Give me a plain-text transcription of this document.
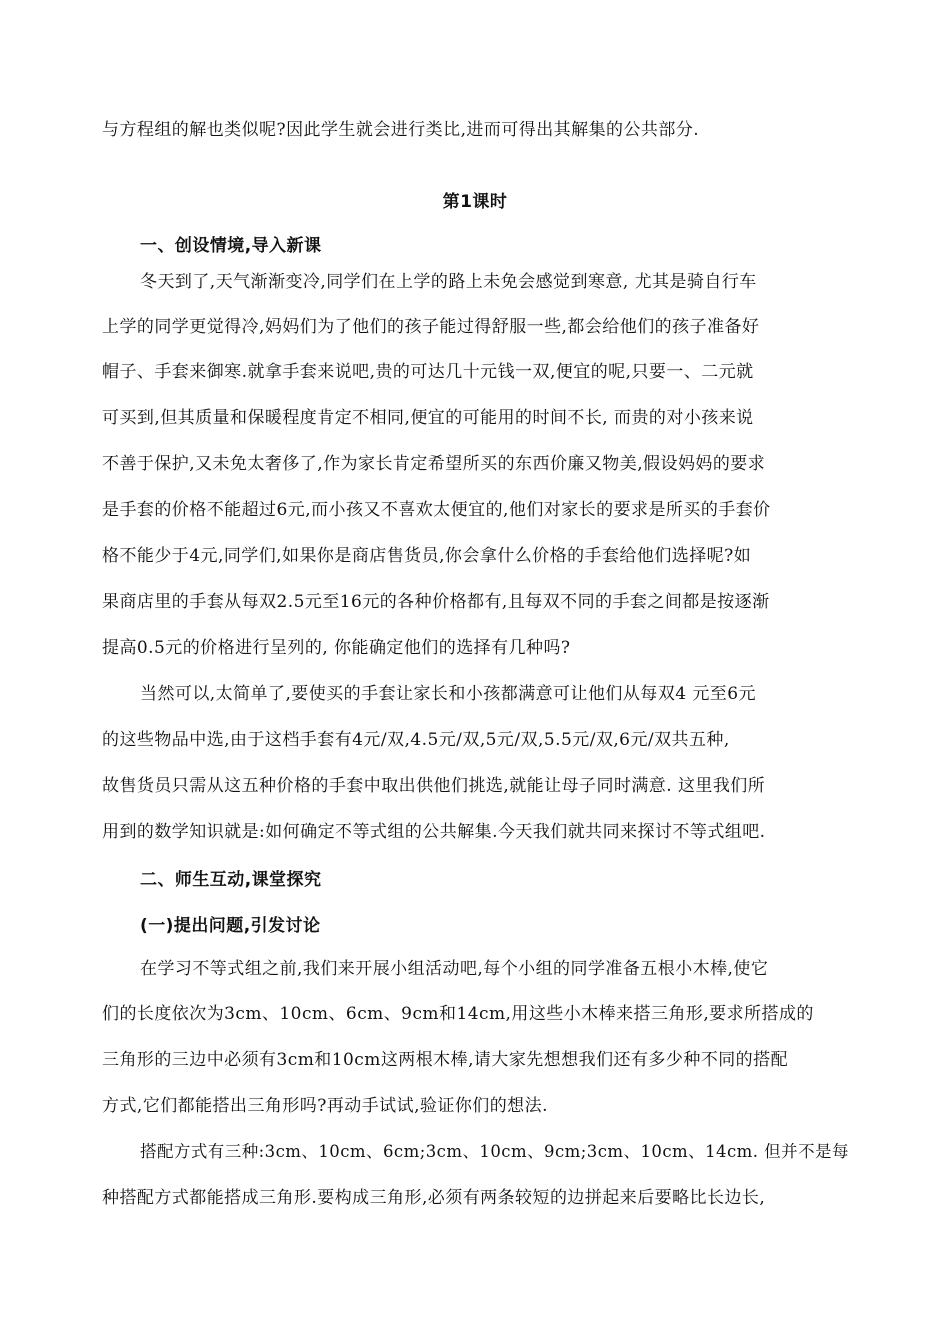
与方程组的解也类似呢?因此学生就会进行类比,进而可得出其解集的公共部分.
第1课时
一、创设情境,导入新课
冬天到了,天气渐渐变冷,同学们在上学的路上未免会感觉到寒意, 尤其是骑自行车
上学的同学更觉得冷,妈妈们为了他们的孩子能过得舒服一些,都会给他们的孩子准备好
帽子、手套来御寒.就拿手套来说吧,贵的可达几十元钱一双,便宜的呢,只要一、二元就
可买到,但其质量和保暖程度肯定不相同,便宜的可能用的时间不长, 而贵的对小孩来说
不善于保护,又未免太奢侈了,作为家长肯定希望所买的东西价廉又物美,假设妈妈的要求
是手套的价格不能超过6元,而小孩又不喜欢太便宜的,他们对家长的要求是所买的手套价
格不能少于4元,同学们,如果你是商店售货员,你会拿什么价格的手套给他们选择呢?如
果商店里的手套从每双2.5元至16元的各种价格都有,且每双不同的手套之间都是按逐渐
提高0.5元的价格进行呈列的, 你能确定他们的选择有几种吗?
当然可以,太简单了,要使买的手套让家长和小孩都满意可让他们从每双4 元至6元
的这些物品中选,由于这档手套有4元/双,4.5元/双,5元/双,5.5元/双,6元/双共五种,
故售货员只需从这五种价格的手套中取出供他们挑选,就能让母子同时满意. 这里我们所
用到的数学知识就是:如何确定不等式组的公共解集.今天我们就共同来探讨不等式组吧.
二、师生互动,课堂探究
(一)提出问题,引发讨论
在学习不等式组之前,我们来开展小组活动吧,每个小组的同学准备五根小木棒,使它
们的长度依次为3cm、10cm、6cm、9cm和14cm,用这些小木棒来搭三角形,要求所搭成的
三角形的三边中必须有3cm和10cm这两根木棒,请大家先想想我们还有多少种不同的搭配
方式,它们都能搭出三角形吗?再动手试试,验证你们的想法.
搭配方式有三种:3cm、10cm、6cm;3cm、10cm、9cm;3cm、10cm、14cm. 但并不是每
种搭配方式都能搭成三角形.要构成三角形,必须有两条较短的边拼起来后要略比长边长,
